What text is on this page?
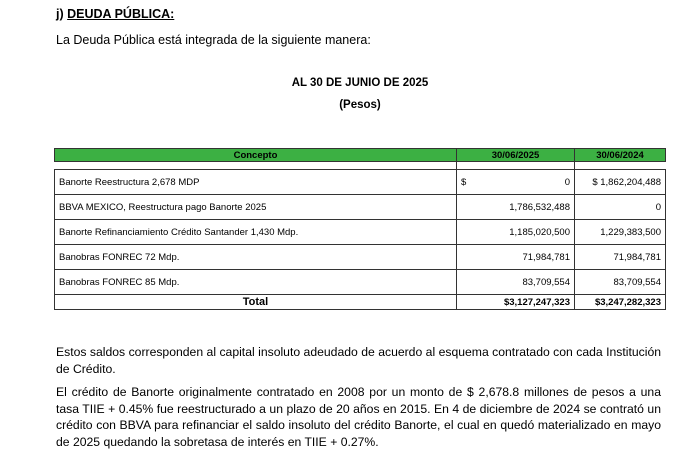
j) DEUDA PÚBLICA:
La Deuda Pública está integrada de la siguiente manera:
AL 30 DE JUNIO DE 2025
(Pesos)
Concepto	30/06/2025	30/06/2024

Banorte Reestructura 2,678 MDP	$ 0	$ 1,862,204,488
BBVA MEXICO, Reestructura pago Banorte 2025	1,786,532,488	0
Banorte Refinanciamiento Crédito Santander 1,430 Mdp.	1,185,020,500	1,229,383,500
Banobras FONREC 72 Mdp.	71,984,781	71,984,781
Banobras FONREC 85 Mdp.	83,709,554	83,709,554
Total	$3,127,247,323	$3,247,282,323
Estos saldos corresponden al capital insoluto adeudado de acuerdo al esquema contratado con cada Institución de Crédito.
El crédito de Banorte originalmente contratado en 2008 por un monto de $ 2,678.8 millones de pesos a una tasa TIIE + 0.45% fue reestructurado a un plazo de 20 años en 2015. En 4 de diciembre de 2024 se contrató un crédito con BBVA para refinanciar el saldo insoluto del crédito Banorte, el cual en quedó materializado en mayo de 2025 quedando la sobretasa de interés en TIIE + 0.27%.
